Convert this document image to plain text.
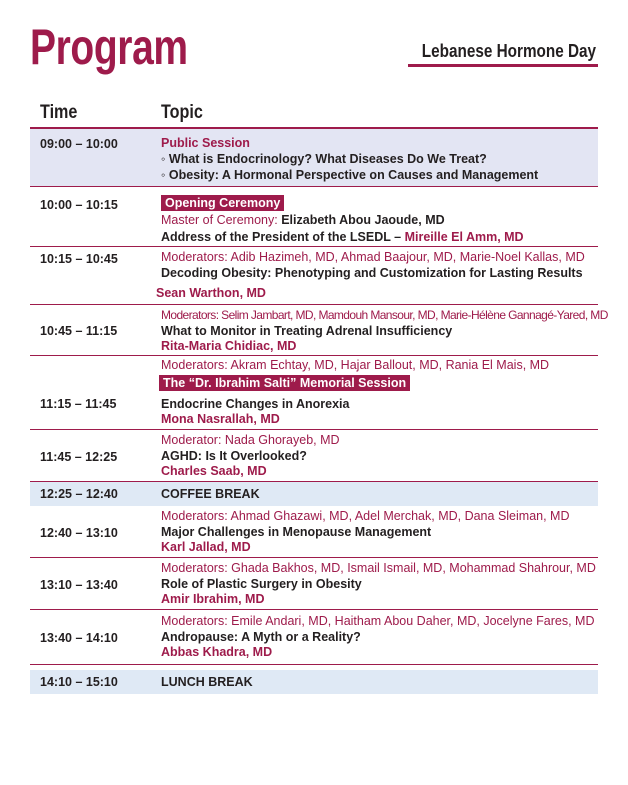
Program	Lebanese Hormone Day
Time	Topic
09:00 – 10:00	Public Session
◦ What is Endocrinology? What Diseases Do We Treat?
◦ Obesity: A Hormonal Perspective on Causes and Management
10:00 – 10:15	Opening Ceremony
Master of Ceremony: Elizabeth Abou Jaoude, MD
Address of the President of the LSEDL – Mireille El Amm, MD
10:15 – 10:45	Moderators: Adib Hazimeh, MD, Ahmad Baajour, MD, Marie-Noel Kallas, MD
Decoding Obesity: Phenotyping and Customization for Lasting Results
Sean Warthon, MD
10:45 – 11:15
Moderators: Selim Jambart, MD, Mamdouh Mansour, MD, Marie-Hélène Gannagé-Yared, MD
What to Monitor in Treating Adrenal Insufficiency
Rita-Maria Chidiac, MD
11:15 – 11:45
Moderators: Akram Echtay, MD, Hajar Ballout, MD, Rania El Mais, MD
The “Dr. Ibrahim Salti” Memorial Session
Endocrine Changes in Anorexia
Mona Nasrallah, MD
11:45 – 12:25
Moderator: Nada Ghorayeb, MD
AGHD: Is It Overlooked?
Charles Saab, MD
12:25 – 12:40	COFFEE BREAK
12:40 – 13:10
Moderators: Ahmad Ghazawi, MD, Adel Merchak, MD, Dana Sleiman, MD
Major Challenges in Menopause Management
Karl Jallad, MD
13:10 – 13:40
Moderators: Ghada Bakhos, MD, Ismail Ismail, MD, Mohammad Shahrour, MD
Role of Plastic Surgery in Obesity
Amir Ibrahim, MD
13:40 – 14:10
Moderators: Emile Andari, MD, Haitham Abou Daher, MD, Jocelyne Fares, MD
Andropause: A Myth or a Reality?
Abbas Khadra, MD
14:10 – 15:10	LUNCH BREAK
